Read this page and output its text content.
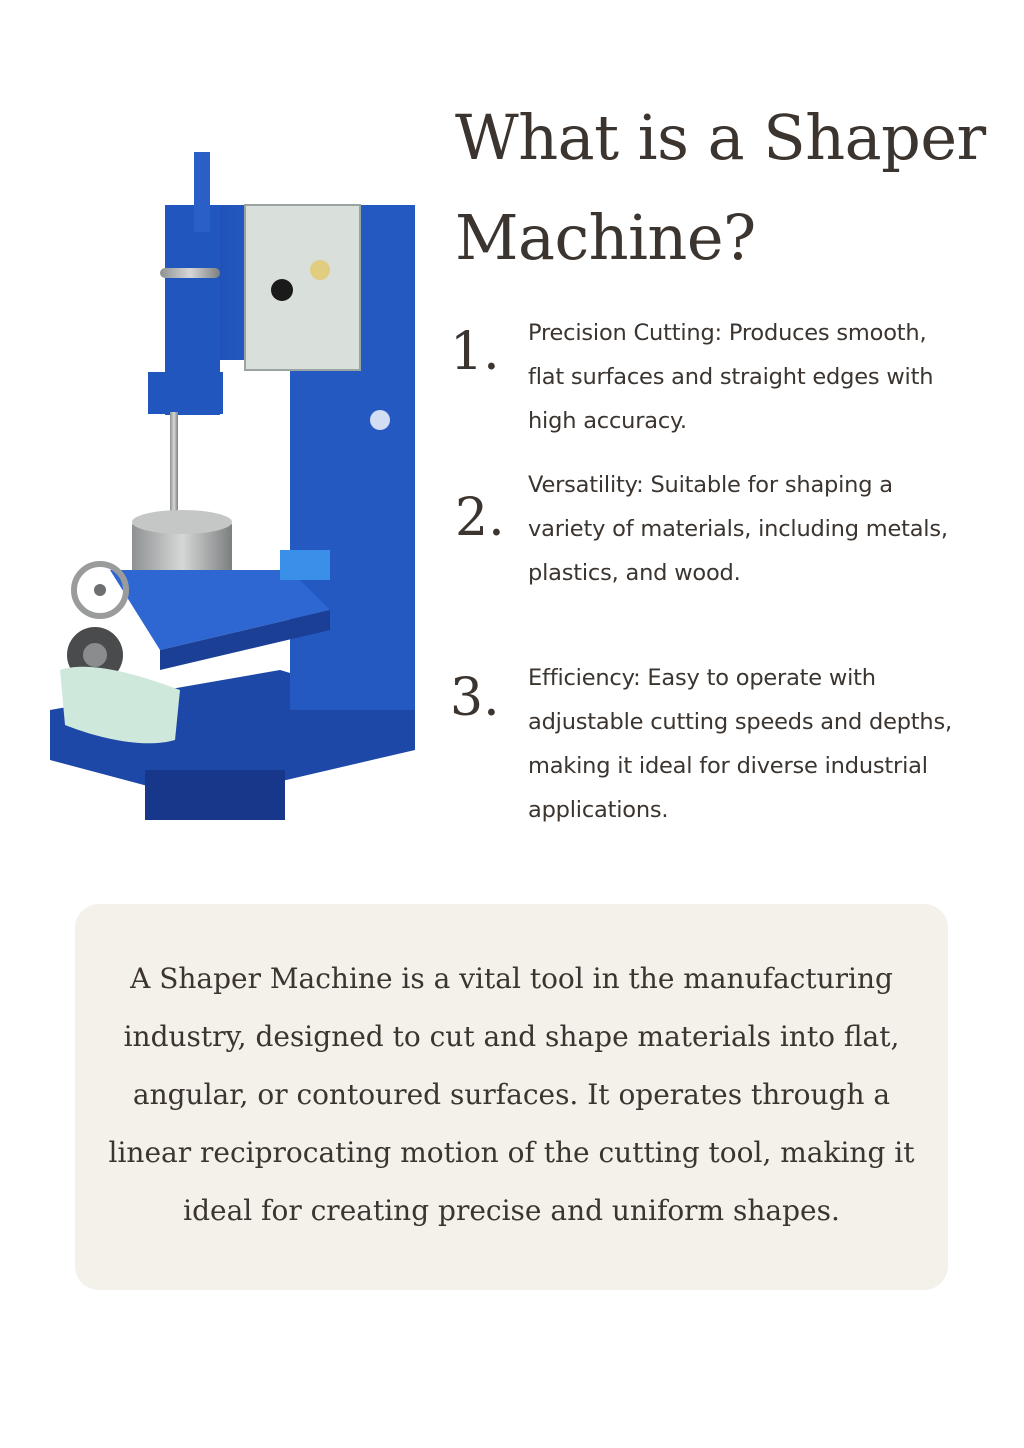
What is a Shaper Machine?
1. Precision Cutting: Produces smooth, flat surfaces and straight edges with high accuracy.

2.

Versatility: Suitable for shaping a variety of materials, including metals, plastics, and wood.

3. Efficiency: Easy to operate with adjustable cutting speeds and depths, making it ideal for diverse industrial applications.

A Shaper Machine is a vital tool in the manufacturing industry, designed to cut and shape materials into flat, angular, or contoured surfaces. It operates through a linear reciprocating motion of the cutting tool, making it ideal for creating precise and uniform shapes.
